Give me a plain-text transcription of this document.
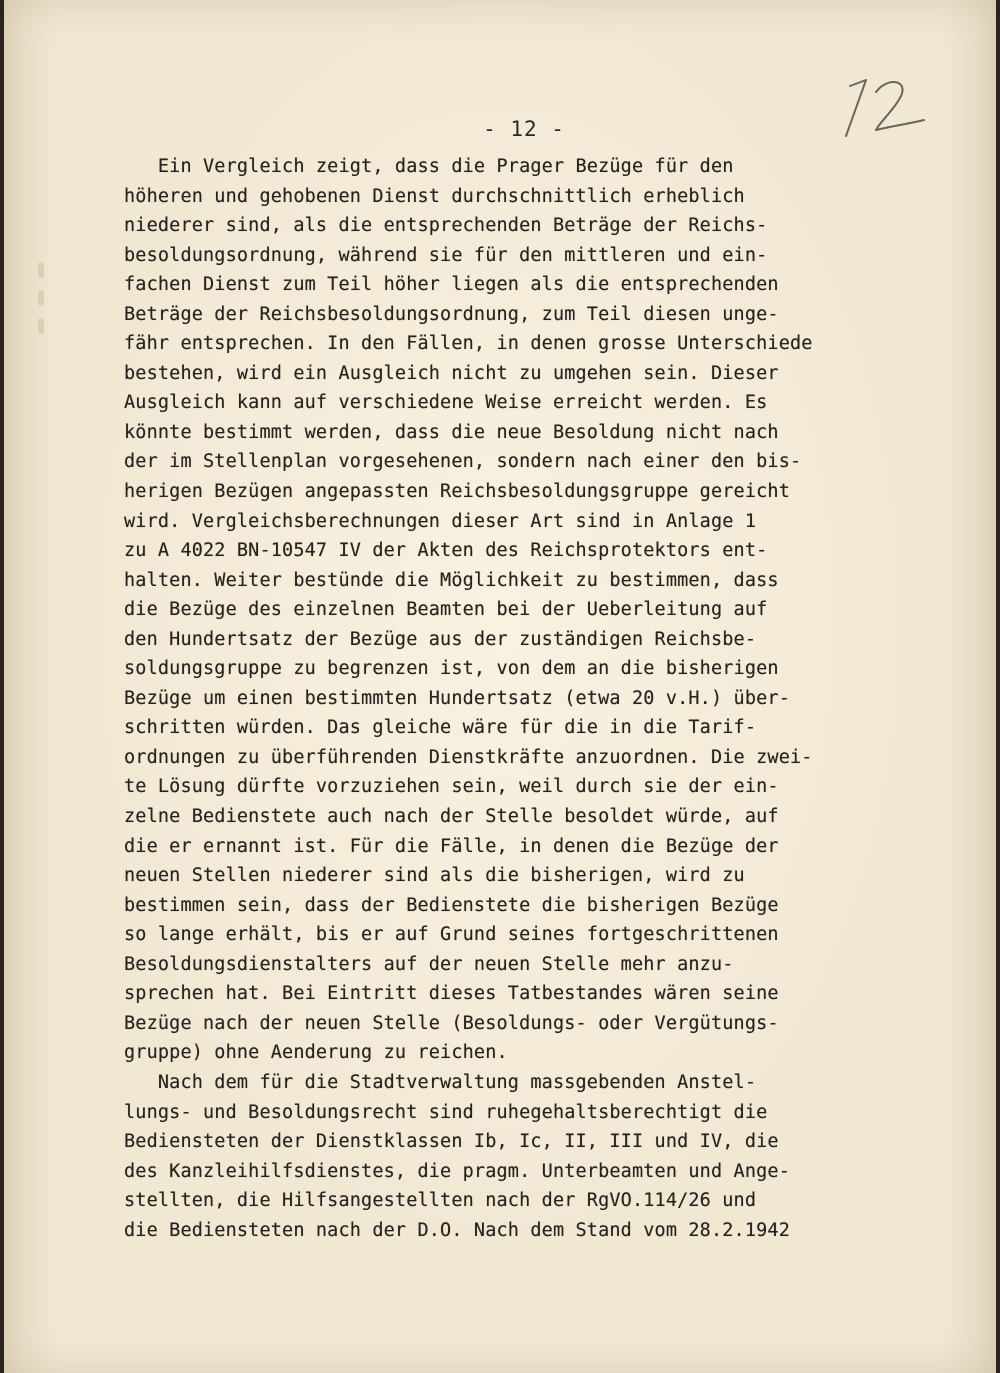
- 12 -
Ein Vergleich zeigt, dass die Prager Bezüge für den
höheren und gehobenen Dienst durchschnittlich erheblich
niederer sind, als die entsprechenden Beträge der Reichs-
besoldungsordnung, während sie für den mittleren und ein-
fachen Dienst zum Teil höher liegen als die entsprechenden
Beträge der Reichsbesoldungsordnung, zum Teil diesen unge-
fähr entsprechen. In den Fällen, in denen grosse Unterschiede
bestehen, wird ein Ausgleich nicht zu umgehen sein. Dieser
Ausgleich kann auf verschiedene Weise erreicht werden. Es
könnte bestimmt werden, dass die neue Besoldung nicht nach
der im Stellenplan vorgesehenen, sondern nach einer den bis-
herigen Bezügen angepassten Reichsbesoldungsgruppe gereicht
wird. Vergleichsberechnungen dieser Art sind in Anlage 1
zu A 4022 BN-10547 IV der Akten des Reichsprotektors ent-
halten. Weiter bestünde die Möglichkeit zu bestimmen, dass
die Bezüge des einzelnen Beamten bei der Ueberleitung auf
den Hundertsatz der Bezüge aus der zuständigen Reichsbe-
soldungsgruppe zu begrenzen ist, von dem an die bisherigen
Bezüge um einen bestimmten Hundertsatz (etwa 20 v.H.) über-
schritten würden. Das gleiche wäre für die in die Tarif-
ordnungen zu überführenden Dienstkräfte anzuordnen. Die zwei-
te Lösung dürfte vorzuziehen sein, weil durch sie der ein-
zelne Bedienstete auch nach der Stelle besoldet würde, auf
die er ernannt ist. Für die Fälle, in denen die Bezüge der
neuen Stellen niederer sind als die bisherigen, wird zu
bestimmen sein, dass der Bedienstete die bisherigen Bezüge
so lange erhält, bis er auf Grund seines fortgeschrittenen
Besoldungsdienstalters auf der neuen Stelle mehr anzu-
sprechen hat. Bei Eintritt dieses Tatbestandes wären seine
Bezüge nach der neuen Stelle (Besoldungs- oder Vergütungs-
gruppe) ohne Aenderung zu reichen.
Nach dem für die Stadtverwaltung massgebenden Anstel-
lungs- und Besoldungsrecht sind ruhegehaltsberechtigt die
Bediensteten der Dienstklassen Ib, Ic, II, III und IV, die
des Kanzleihilfsdienstes, die pragm. Unterbeamten und Ange-
stellten, die Hilfsangestellten nach der RgVO.114/26 und
die Bediensteten nach der D.O. Nach dem Stand vom 28.2.1942
